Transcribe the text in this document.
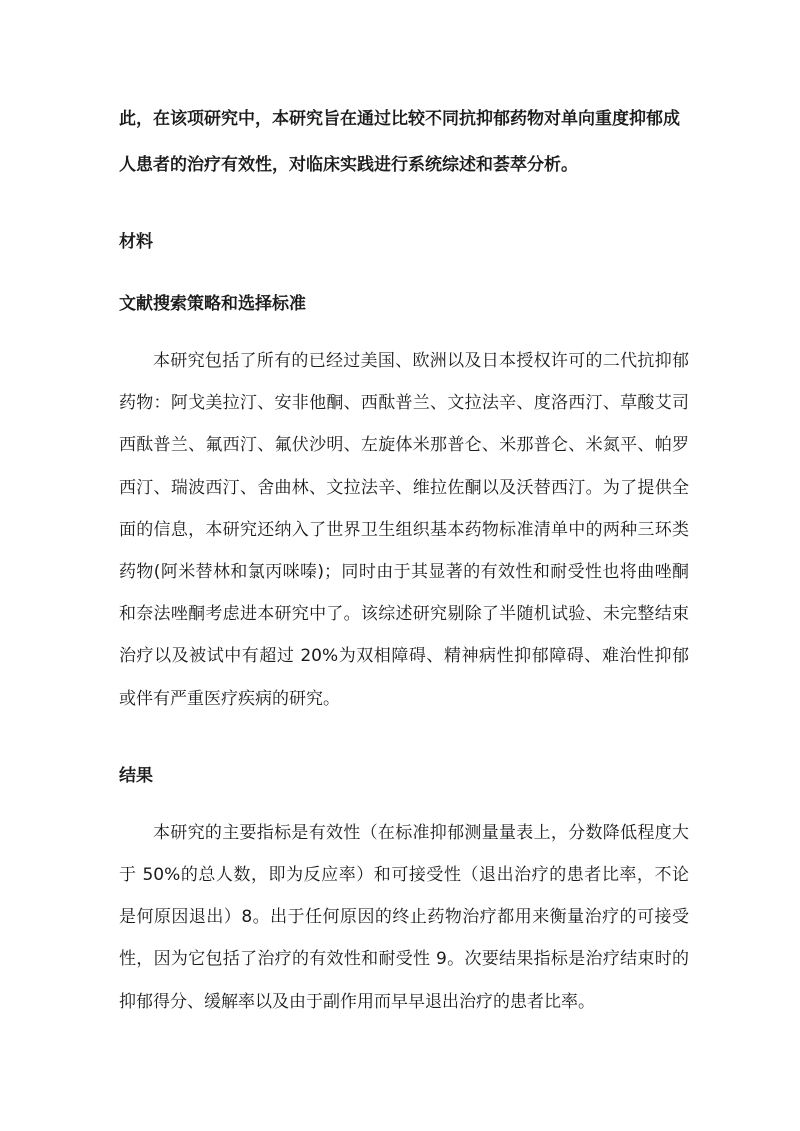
此，在该项研究中，本研究旨在通过比较不同抗抑郁药物对单向重度抑郁成人患者的治疗有效性，对临床实践进行系统综述和荟萃分析。

材料
文献搜索策略和选择标准

本研究包括了所有的已经过美国、欧洲以及日本授权许可的二代抗抑郁药物：阿戈美拉汀、安非他酮、西酞普兰、文拉法辛、度洛西汀、草酸艾司西酞普兰、氟西汀、氟伏沙明、左旋体米那普仑、米那普仑、米氮平、帕罗西汀、瑞波西汀、舍曲林、文拉法辛、维拉佐酮以及沃替西汀。为了提供全面的信息，本研究还纳入了世界卫生组织基本药物标准清单中的两种三环类药物(阿米替林和氯丙咪嗪)；同时由于其显著的有效性和耐受性也将曲唑酮和奈法唑酮考虑进本研究中了。该综述研究剔除了半随机试验、未完整结束治疗以及被试中有超过 20%为双相障碍、精神病性抑郁障碍、难治性抑郁或伴有严重医疗疾病的研究。

结果

本研究的主要指标是有效性（在标准抑郁测量量表上，分数降低程度大于 50%的总人数，即为反应率）和可接受性（退出治疗的患者比率，不论是何原因退出）8。出于任何原因的终止药物治疗都用来衡量治疗的可接受性，因为它包括了治疗的有效性和耐受性 9。次要结果指标是治疗结束时的抑郁得分、缓解率以及由于副作用而早早退出治疗的患者比率。
